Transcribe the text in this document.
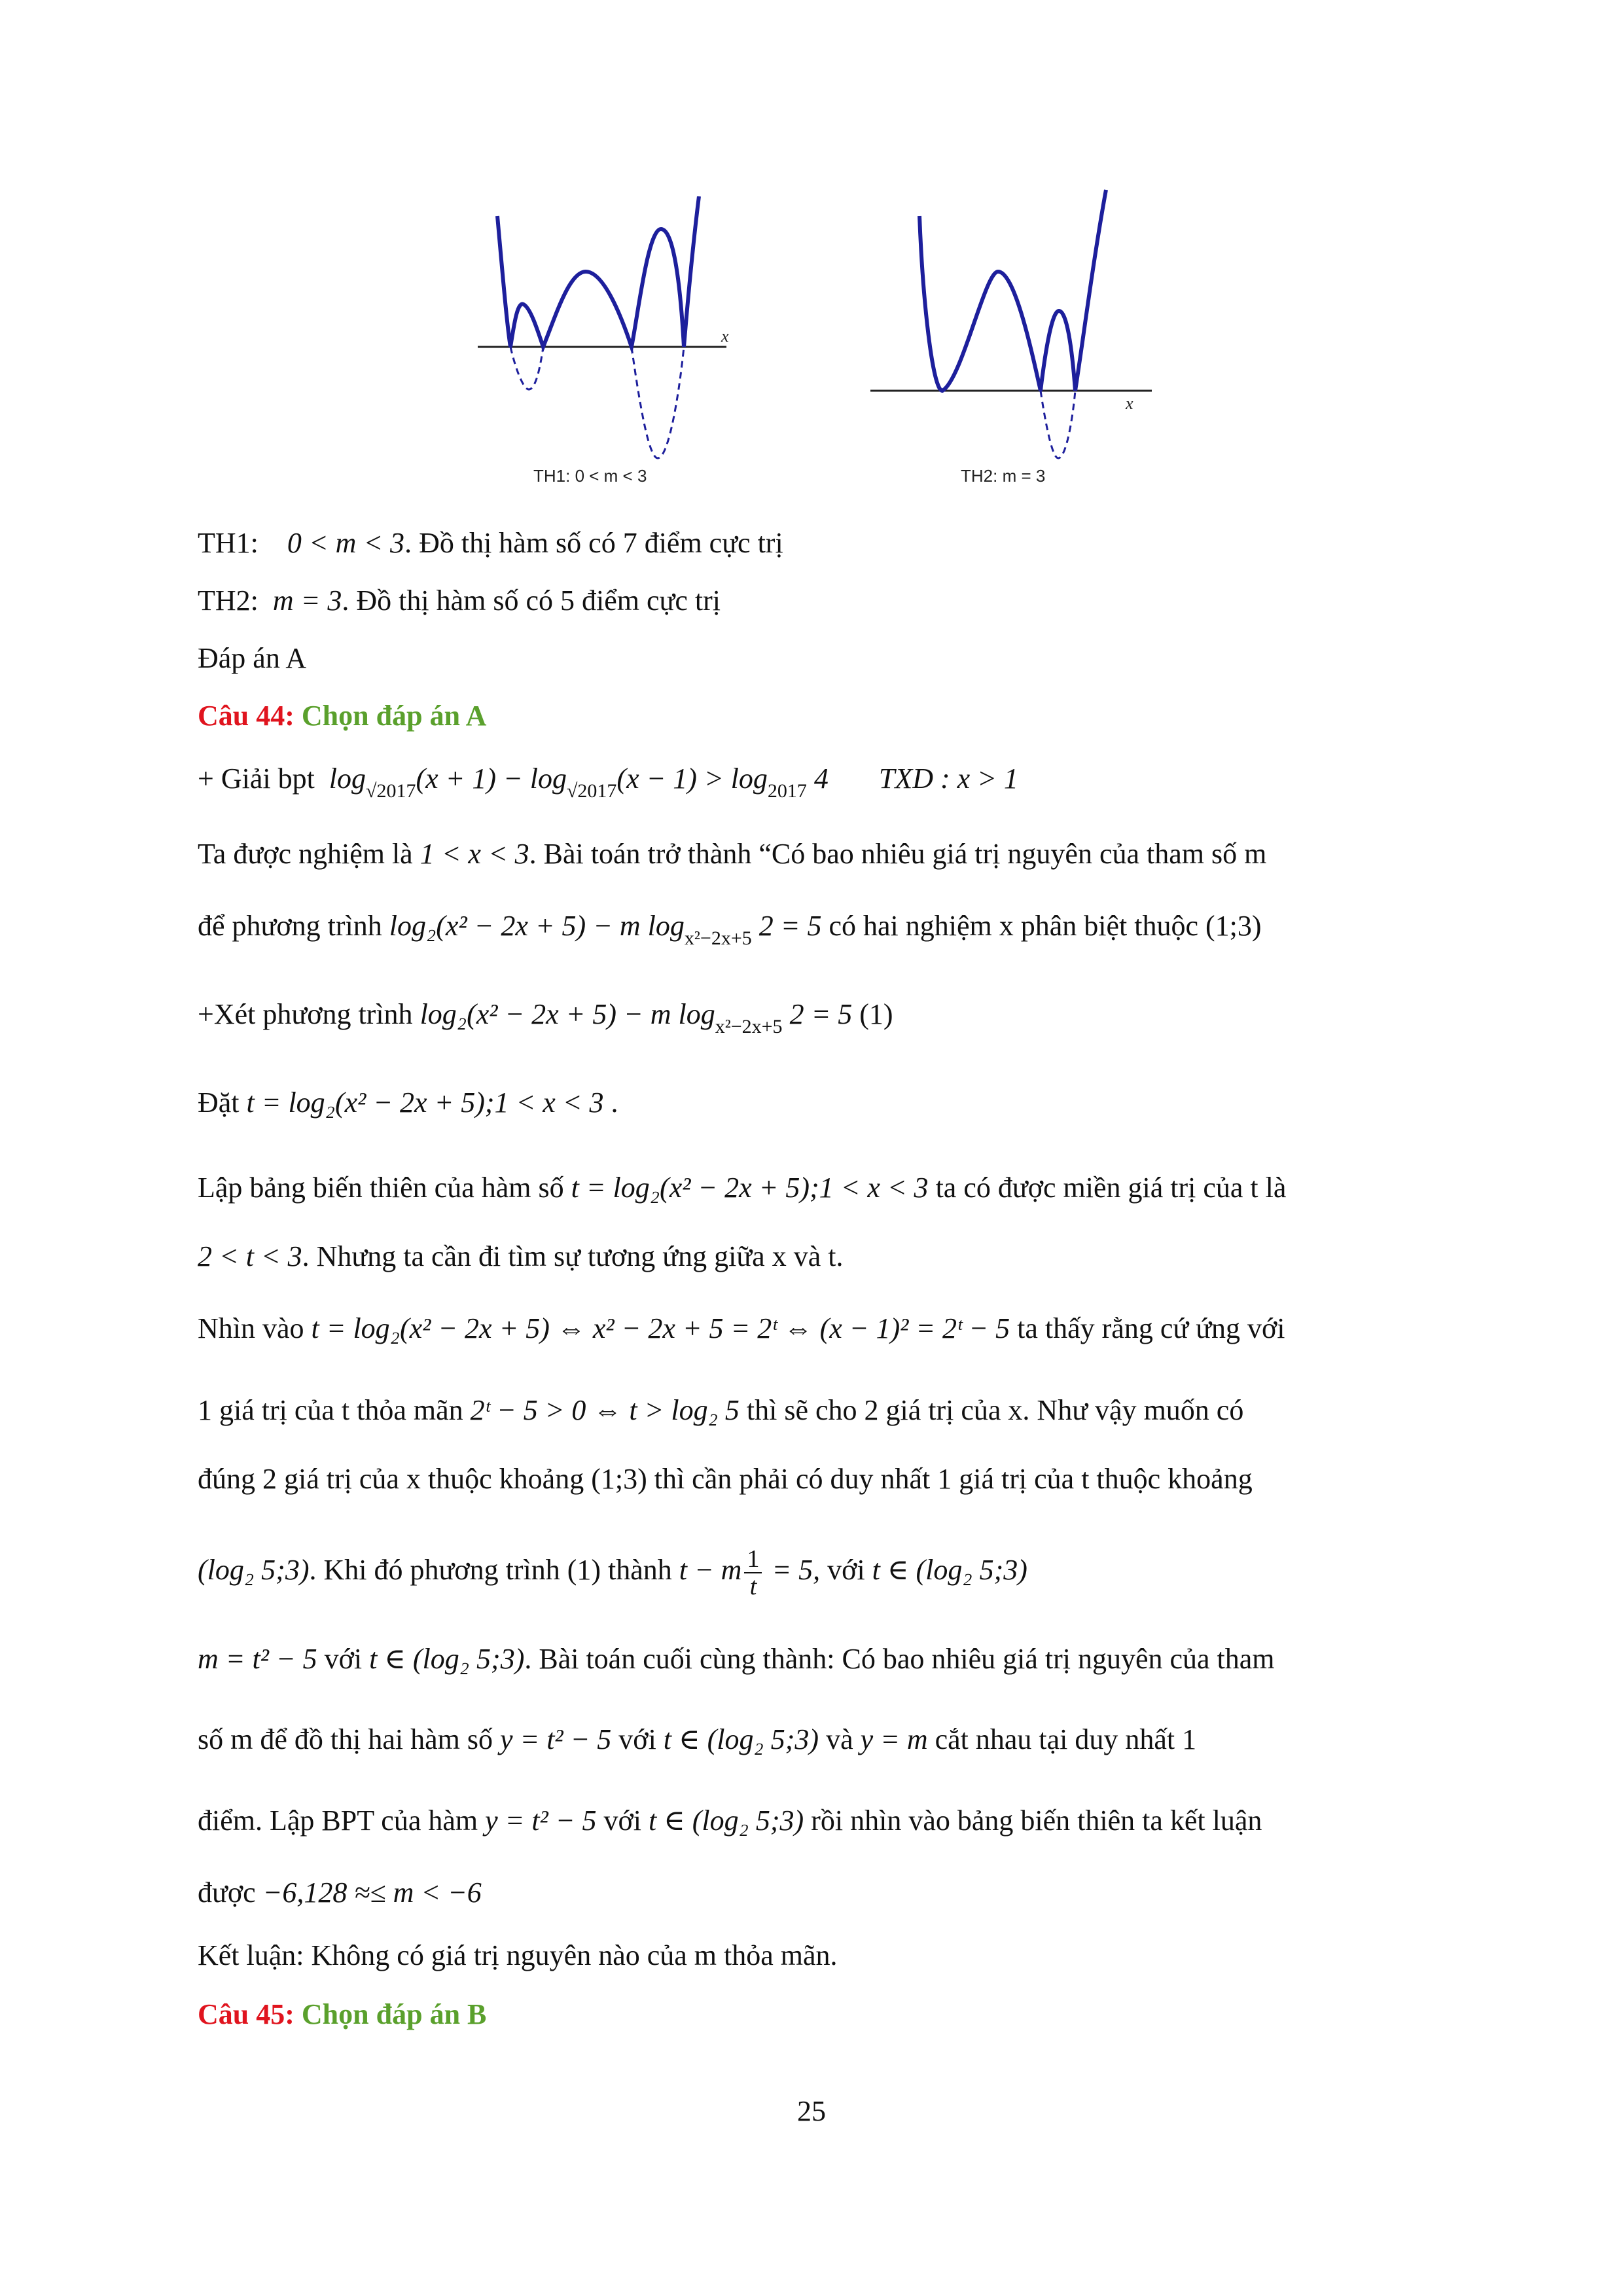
x
TH1: 0 < m < 3
x
TH2: m = 3
TH1: 0 < m < 3. Đồ thị hàm số có 7 điểm cực trị
TH2: m = 3. Đồ thị hàm số có 5 điểm cực trị
Đáp án A
Câu 44: Chọn đáp án A
+ Giải bpt $\log_{√2017}(x + 1) - \log_{√2017}(x - 1) > \log_{2017} 4$ TXD : x > 1
Ta được nghiệm là 1 < x < 3. Bài toán trở thành “Có bao nhiêu giá trị nguyên của tham số m
để phương trình log₂(x² − 2x + 5) − m $\log_{x^2-2x+5} 2 = 5$ có hai nghiệm x phân biệt thuộc (1;3)
+Xét phương trình log₂(x² − 2x + 5) − m $\log_{x^2-2x+5} 2 = 5$ (1)
Đặt t = log₂(x² − 2x + 5);1 < x < 3 .
Lập bảng biến thiên của hàm số t = log₂(x² − 2x + 5);1 < x < 3 ta có được miền giá trị của t là
2 < t < 3. Nhưng ta cần đi tìm sự tương ứng giữa x và t.
Nhìn vào t = log₂(x² − 2x + 5) ⇔ x² − 2x + 5 = 2ᵗ ⇔ (x − 1)² = 2ᵗ − 5 ta thấy rằng cứ ứng với
1 giá trị của t thỏa mãn 2ᵗ − 5 > 0 ⇔ t > log₂ 5 thì sẽ cho 2 giá trị của x. Như vậy muốn có
đúng 2 giá trị của x thuộc khoảng (1;3) thì cần phải có duy nhất 1 giá trị của t thuộc khoảng
(log₂ 5;3). Khi đó phương trình (1) thành t − m $\frac{1}{t} = 5$, với t ∈ (log₂ 5;3)
m = t² − 5 với t ∈ (log₂ 5;3). Bài toán cuối cùng thành: Có bao nhiêu giá trị nguyên của tham
số m để đồ thị hai hàm số y = t² − 5 với t ∈ (log₂ 5;3) và y = m cắt nhau tại duy nhất 1
điểm. Lập BPT của hàm y = t² − 5 với t ∈ (log₂ 5;3) rồi nhìn vào bảng biến thiên ta kết luận
được −6,128 ≈≤ m < −6
Kết luận: Không có giá trị nguyên nào của m thỏa mãn.
Câu 45: Chọn đáp án B
25
